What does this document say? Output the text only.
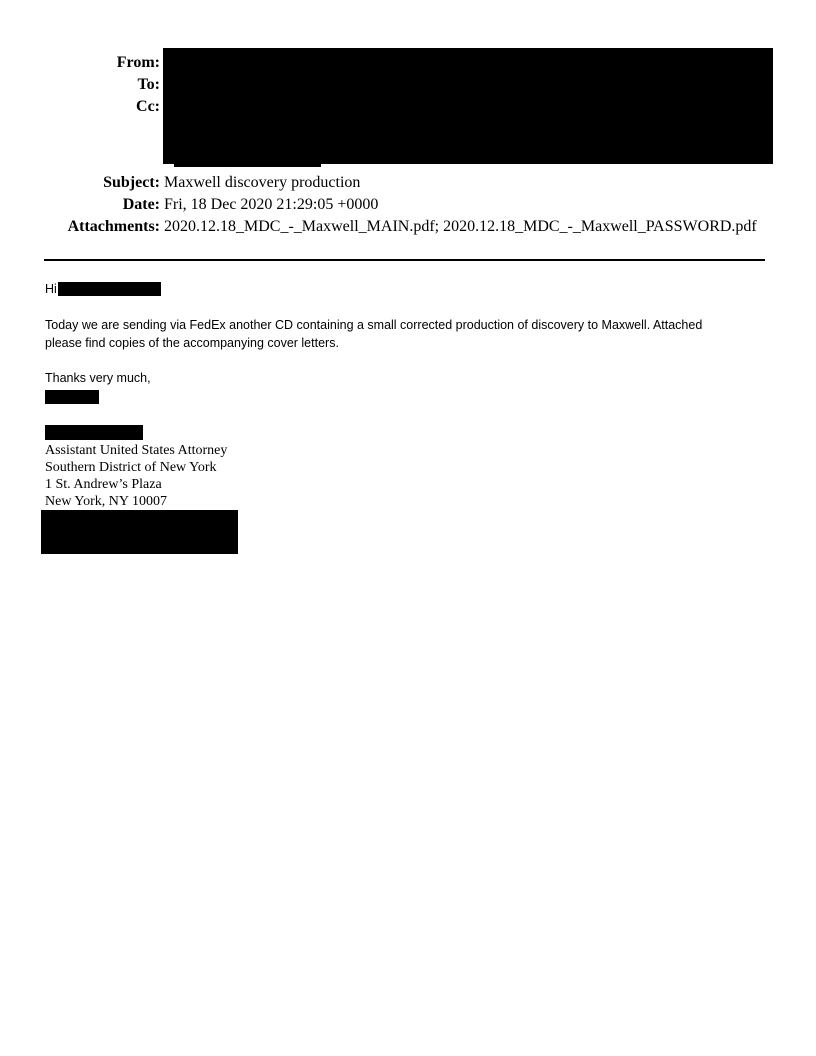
From:
To:
Cc:
Subject: Maxwell discovery production
Date: Fri, 18 Dec 2020 21:29:05 +0000
Attachments: 2020.12.18_MDC_-_Maxwell_MAIN.pdf; 2020.12.18_MDC_-_Maxwell_PASSWORD.pdf
Hi
Today we are sending via FedEx another CD containing a small corrected production of discovery to Maxwell. Attached
please find copies of the accompanying cover letters.
Thanks very much,
Assistant United States Attorney
Southern District of New York
1 St. Andrew’s Plaza
New York, NY 10007
